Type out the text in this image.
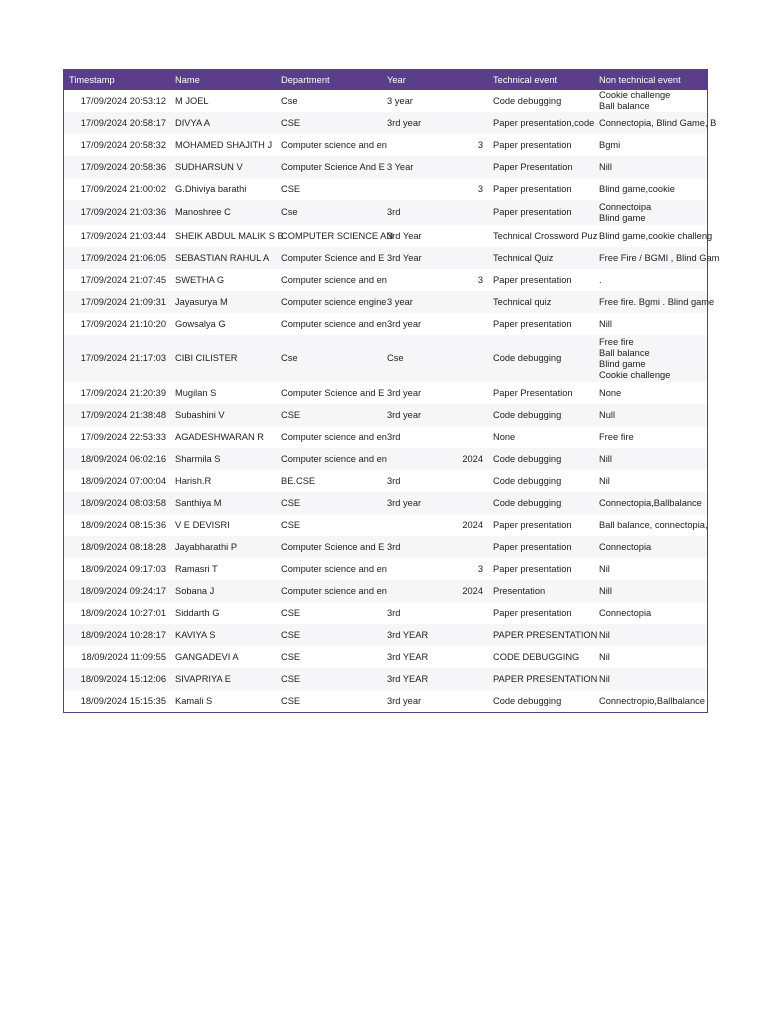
Timestamp	Name	Department	Year	Technical event	Non technical event
17/09/2024 20:53:12	M JOEL	Cse	3 year	Code debugging	Cookie challenge
Ball balance
17/09/2024 20:58:17	DIVYA A	CSE	3rd year	Paper presentation,code	Connectopia, Blind Game, B
17/09/2024 20:58:32	MOHAMED SHAJITH J	Computer science and en	3	Paper presentation	Bgmi
17/09/2024 20:58:36	SUDHARSUN V	Computer Science And E	3 Year	Paper Presentation	Nill
17/09/2024 21:00:02	G.Dhiviya barathi	CSE	3	Paper presentation	Blind game,cookie
17/09/2024 21:03:36	Manoshree C	Cse	3rd	Paper presentation	Connectoipa
Blind game
17/09/2024 21:03:44	SHEIK ABDUL MALIK S B	COMPUTER SCIENCE AN	3rd Year	Technical Crossword Puz	Blind game,cookie challeng
17/09/2024 21:06:05	SEBASTIAN RAHUL A	Computer Science and E	3rd Year	Technical Quiz	Free Fire / BGMI , Blind Gam
17/09/2024 21:07:45	SWETHA G	Computer science and en	3	Paper presentation	.
17/09/2024 21:09:31	Jayasurya M	Computer science engine	3 year	Technical quiz	Free fire. Bgmi . Blind game
17/09/2024 21:10:20	Gowsalya G	Computer science and en	3rd year	Paper presentation	Nill
17/09/2024 21:17:03	CIBI CILISTER	Cse	Cse	Code debugging	Free fire
Ball balance
Blind game
Cookie challenge
17/09/2024 21:20:39	Mugilan S	Computer Science and E	3rd year	Paper Presentation	None
17/09/2024 21:38:48	Subashini V	CSE	3rd year	Code debugging	Null
17/09/2024 22:53:33	AGADESHWARAN R	Computer science and en	3rd	None	Free fire
18/09/2024 06:02:16	Sharmila S	Computer science and en	2024	Code debugging	Nill
18/09/2024 07:00:04	Harish.R	BE.CSE	3rd	Code debugging	Nil
18/09/2024 08:03:58	Santhiya M	CSE	3rd year	Code debugging	Connectopia,Ballbalance
18/09/2024 08:15:36	V E DEVISRI	CSE	2024	Paper presentation	Ball balance, connectopia,
18/09/2024 08:18:28	Jayabharathi P	Computer Science and E	3rd	Paper presentation	Connectopia
18/09/2024 09:17:03	Ramasri T	Computer science and en	3	Paper presentation	Nil
18/09/2024 09:24:17	Sobana J	Computer science and en	2024	Presentation	Nill
18/09/2024 10:27:01	Siddarth G	CSE	3rd	Paper presentation	Connectopia
18/09/2024 10:28:17	KAVIYA S	CSE	3rd YEAR	PAPER PRESENTATION	Nil
18/09/2024 11:09:55	GANGADEVI A	CSE	3rd YEAR	CODE DEBUGGING	Nil
18/09/2024 15:12:06	SIVAPRIYA E	CSE	3rd YEAR	PAPER PRESENTATION	Nil
18/09/2024 15:15:35	Kamali S	CSE	3rd year	Code debugging	Connectropio,Ballbalance
